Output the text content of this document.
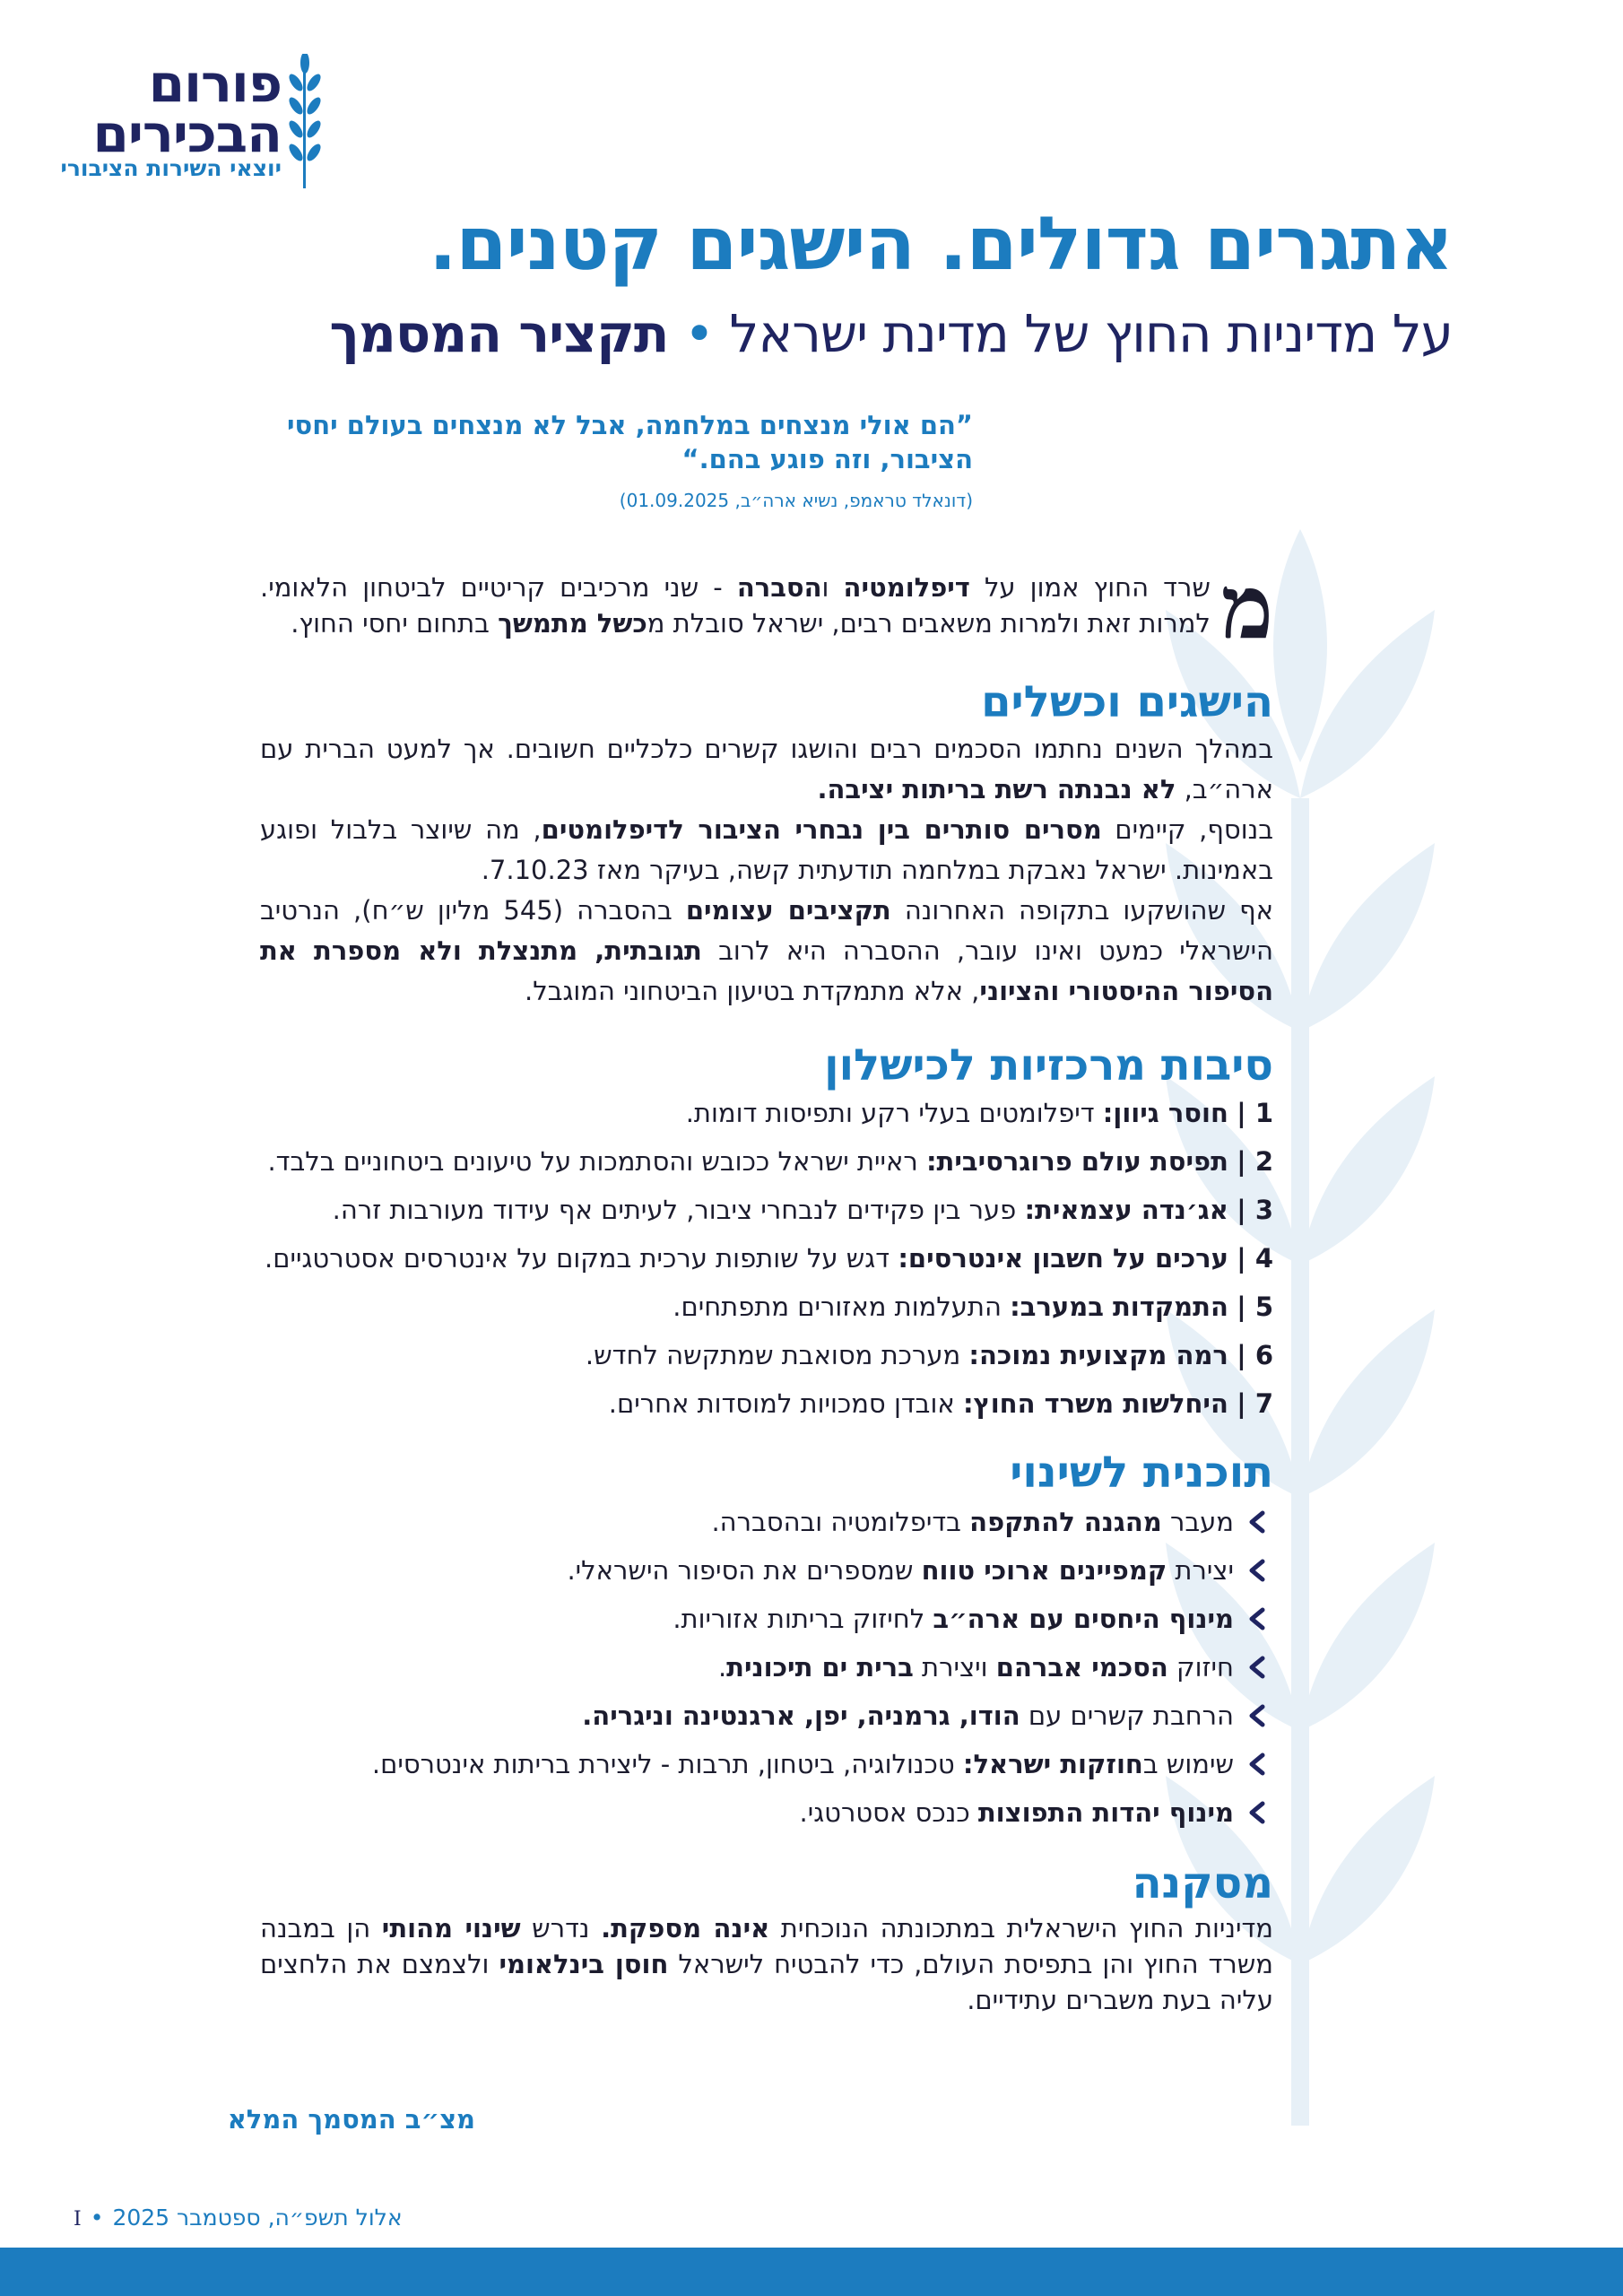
פורום
הבכירים
יוצאי השירות הציבורי
אתגרים גדולים. הישגים קטנים.
על מדיניות החוץ של מדינת ישראל • תקציר המסמך

”הם אולי מנצחים במלחמה, אבל לא מנצחים בעולם יחסי הציבור, וזה פוגע בהם.“

(דונאלד טראמפ, נשיא ארה״ב, 01.09.2025)
מ

שרד החוץ אמון על דיפלומטיה והסברה - שני מרכיבים קריטיים לביטחון הלאומי. למרות זאת ולמרות משאבים רבים, ישראל סובלת מכשל מתמשך בתחום יחסי החוץ.

הישגים וכשלים

במהלך השנים נחתמו הסכמים רבים והושגו קשרים כלכליים חשובים. אך למעט הברית עם ארה״ב, לא נבנתה רשת בריתות יציבה.

בנוסף, קיימים מסרים סותרים בין נבחרי הציבור לדיפלומטים, מה שיוצר בלבול ופוגע באמינות. ישראל נאבקת במלחמה תודעתית קשה, בעיקר מאז 7.10.23.

אף שהושקעו בתקופה האחרונה תקציבים עצומים בהסברה (545 מליון ש״ח), הנרטיב הישראלי כמעט ואינו עובר, ההסברה היא לרוב תגובתית, מתנצלת ולא מספרת את הסיפור ההיסטורי והציוני, אלא מתמקדת בטיעון הביטחוני המוגבל.

סיבות מרכזיות לכישלון
1 | חוסר גיוון: דיפלומטים בעלי רקע ותפיסות דומות.
2 | תפיסת עולם פרוגרסיבית: ראיית ישראל ככובש והסתמכות על טיעונים ביטחוניים בלבד.
3 | אג׳נדה עצמאית: פער בין פקידים לנבחרי ציבור, לעיתים אף עידוד מעורבות זרה.
4 | ערכים על חשבון אינטרסים: דגש על שותפות ערכית במקום על אינטרסים אסטרטגיים.
5 | התמקדות במערב: התעלמות מאזורים מתפתחים.
6 | רמה מקצועית נמוכה: מערכת מסואבת שמתקשה לחדש.
7 | היחלשות משרד החוץ: אובדן סמכויות למוסדות אחרים.
תוכנית לשינוי
מעבר מהגנה להתקפה בדיפלומטיה ובהסברה.
יצירת קמפיינים ארוכי טווח שמספרים את הסיפור הישראלי.
מינוף היחסים עם ארה״ב לחיזוק בריתות אזוריות.
חיזוק הסכמי אברהם ויצירת ברית ים תיכונית.
הרחבת קשרים עם הודו, גרמניה, יפן, ארגנטינה וניגריה.
שימוש בחוזקות ישראל: טכנולוגיה, ביטחון, תרבות - ליצירת בריתות אינטרסים.
מינוף יהדות התפוצות כנכס אסטרטגי.
מסקנה

מדיניות החוץ הישראלית במתכונתה הנוכחית אינה מספקת. נדרש שינוי מהותי הן במבנה משרד החוץ והן בתפיסת העולם, כדי להבטיח לישראל חוסן בינלאומי ולצמצם את הלחצים עליה בעת משברים עתידיים.

מצ״ב המסמך המלא
אלול תשפ״ה, ספטמבר 2025•I
